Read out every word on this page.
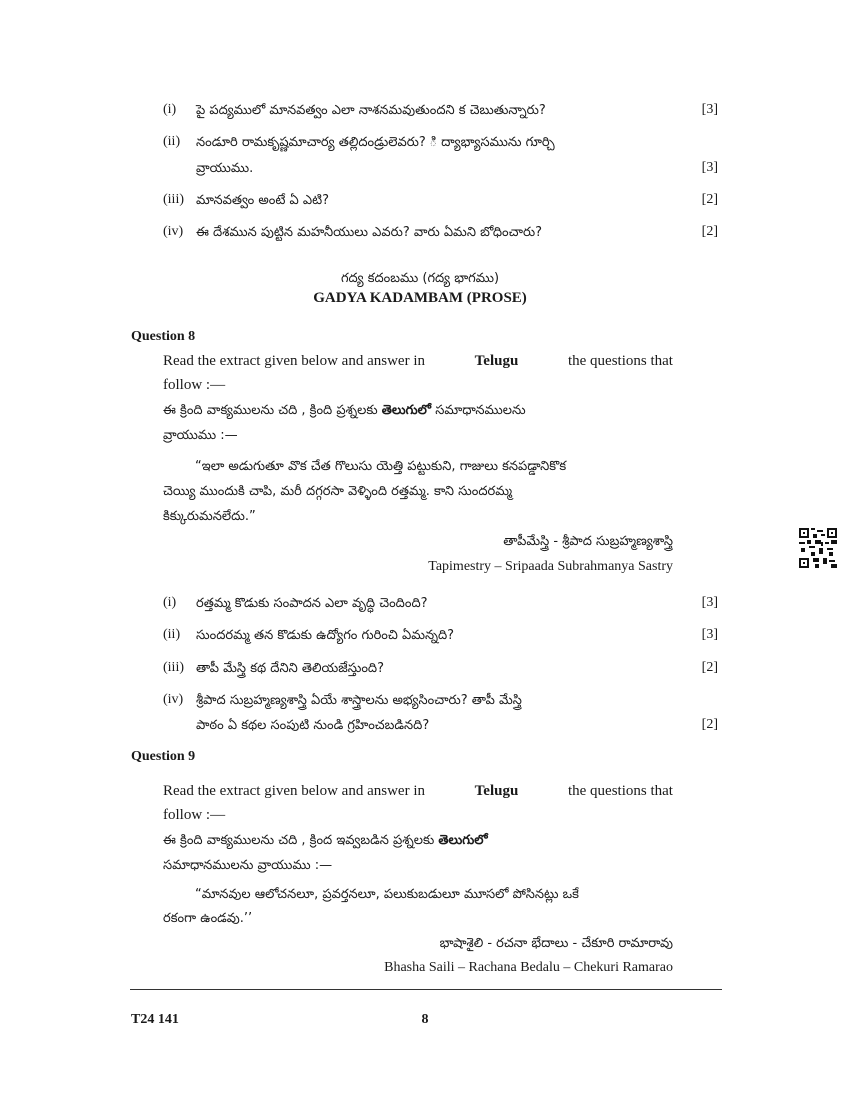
(i)	పై పద్యములో మానవత్వం ఎలా నాశనమవుతుందని క చెబుతున్నారు?	[3]
(ii)	నండూరి రామకృష్ణమాచార్య తల్లిదండ్రులెవరు? ి ద్యాభ్యాసమును గూర్చి
వ్రాయుము.	[3]
(iii) మానవత్వం అంటే ఏ ఎటి?	[2]
(iv) ఈ దేశమున పుట్టిన మహనీయులు ఎవరు? వారు ఏమని బోధించారు?	[2]
గద్య కదంబము (గద్య భాగము)
GADYA KADAMBAM (PROSE)
Question 8
Read the extract given below and answer in	Telugu	the questions that
follow :—
ఈ క్రింది వాక్యములను చది , క్రింది ప్రశ్నలకు తెలుగులో సమాధానములను
వ్రాయుము :—
“ఇలా అడుగుతూ వొక చేత గొలుసు యెత్తి పట్టుకుని, గాజులు కనపడ్డానికొక
చెయ్యి ముందుకి చాపి, మరీ దగ్గరసా వెళ్ళింది రత్తమ్మ. కాని సుందరమ్మ
కిక్కురుమనలేదు.”
తాపీమేస్త్రి - శ్రీపాద సుబ్రహ్మణ్యశాస్త్రి
Tapimestry – Sripaada Subrahmanya Sastry
(i)	రత్తమ్మ కొడుకు సంపాదన ఎలా వృద్ధి చెందింది?	[3]
(ii)	సుందరమ్మ తన కొడుకు ఉద్యోగం గురించి ఏమన్నది?	[3]
(iii) తాపీ మేస్త్రి కథ దేనిని తెలియజేస్తుంది?	[2]
(iv) శ్రీపాద సుబ్రహ్మణ్యశాస్త్రి ఏయే శాస్త్రాలను అభ్యసించారు? తాపీ మేస్త్రి
పాఠం ఏ కథల సంపుటి నుండి గ్రహించబడినది?	[2]
Question 9
Read the extract given below and answer in	Telugu	the questions that
follow :—
ఈ క్రింది వాక్యములను చది , క్రింద ఇవ్వబడిన ప్రశ్నలకు తెలుగులో
సమాధానములను వ్రాయుము :—
“మానవుల ఆలోచనలూ, ప్రవర్తనలూ, పలుకుబడులూ మూసలో పోసినట్లు ఒకే
రకంగా ఉండవు.’’
భాషాశైలి - రచనా భేదాలు - చేకూరి రామారావు
Bhasha Saili – Rachana Bedalu – Chekuri Ramarao
T24 141	8
